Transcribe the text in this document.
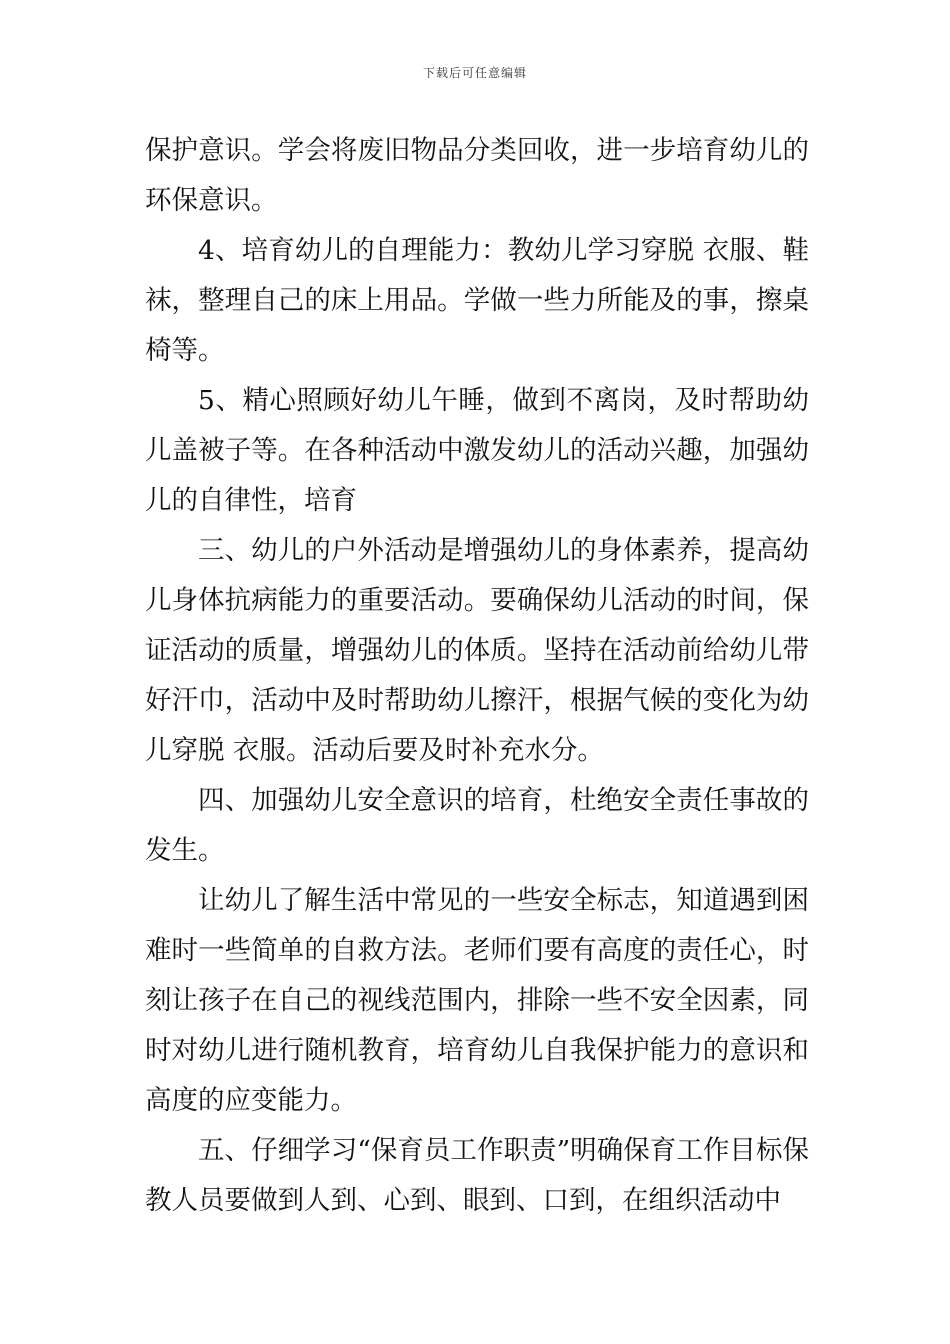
下载后可任意编辑

保护意识。学会将废旧物品分类回收，进一步培育幼儿的环保意识。

4、培育幼儿的自理能力：教幼儿学习穿脱 衣服、鞋袜，整理自己的床上用品。学做一些力所能及的事，擦桌椅等。

5、精心照顾好幼儿午睡，做到不离岗，及时帮助幼儿盖被子等。在各种活动中激发幼儿的活动兴趣，加强幼儿的自律性，培育

三、幼儿的户外活动是增强幼儿的身体素养，提高幼儿身体抗病能力的重要活动。要确保幼儿活动的时间，保证活动的质量，增强幼儿的体质。坚持在活动前给幼儿带好汗巾，活动中及时帮助幼儿擦汗，根据气候的变化为幼儿穿脱 衣服。活动后要及时补充水分。

四、加强幼儿安全意识的培育，杜绝安全责任事故的发生。

让幼儿了解生活中常见的一些安全标志，知道遇到困难时一些简单的自救方法。老师们要有高度的责任心，时刻让孩子在自己的视线范围内，排除一些不安全因素，同时对幼儿进行随机教育，培育幼儿自我保护能力的意识和高度的应变能力。

五、仔细学习“保育员工作职责”明确保育工作目标保教人员要做到人到、心到、眼到、口到，在组织活动中
